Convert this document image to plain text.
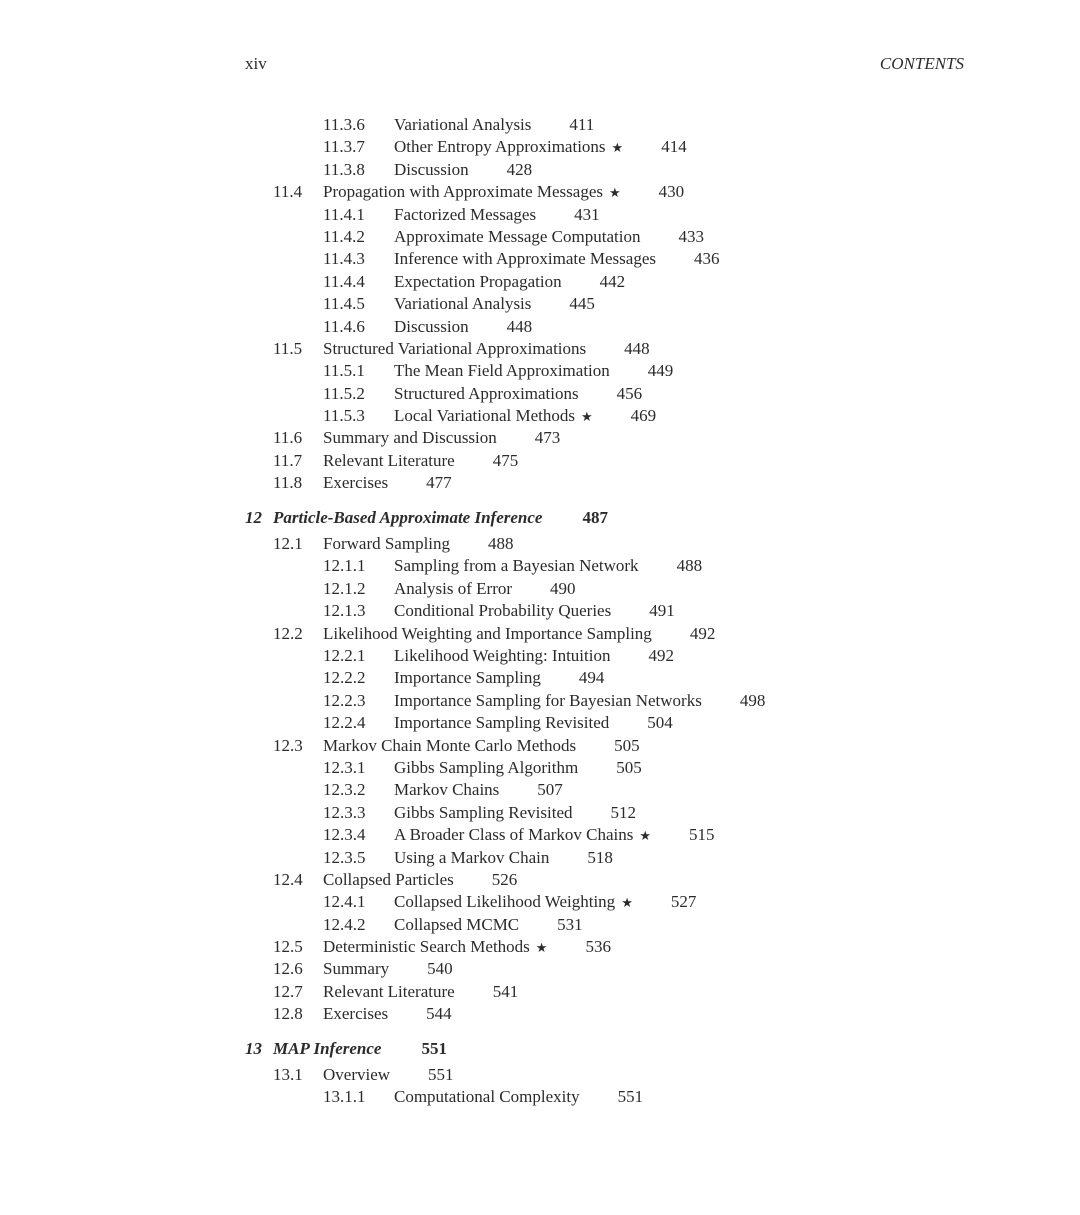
xiv	CONTENTS
11.3.6 Variational Analysis 411
11.3.7 Other Entropy Approximations ★ 414
11.3.8 Discussion 428
11.4 Propagation with Approximate Messages ★ 430
11.4.1 Factorized Messages 431
11.4.2 Approximate Message Computation 433
11.4.3 Inference with Approximate Messages 436
11.4.4 Expectation Propagation 442
11.4.5 Variational Analysis 445
11.4.6 Discussion 448
11.5 Structured Variational Approximations 448
11.5.1 The Mean Field Approximation 449
11.5.2 Structured Approximations 456
11.5.3 Local Variational Methods ★ 469
11.6 Summary and Discussion 473
11.7 Relevant Literature 475
11.8 Exercises 477
12 Particle-Based Approximate Inference 487
12.1 Forward Sampling 488
12.1.1 Sampling from a Bayesian Network 488
12.1.2 Analysis of Error 490
12.1.3 Conditional Probability Queries 491
12.2 Likelihood Weighting and Importance Sampling 492
12.2.1 Likelihood Weighting: Intuition 492
12.2.2 Importance Sampling 494
12.2.3 Importance Sampling for Bayesian Networks 498
12.2.4 Importance Sampling Revisited 504
12.3 Markov Chain Monte Carlo Methods 505
12.3.1 Gibbs Sampling Algorithm 505
12.3.2 Markov Chains 507
12.3.3 Gibbs Sampling Revisited 512
12.3.4 A Broader Class of Markov Chains ★ 515
12.3.5 Using a Markov Chain 518
12.4 Collapsed Particles 526
12.4.1 Collapsed Likelihood Weighting ★ 527
12.4.2 Collapsed MCMC 531
12.5 Deterministic Search Methods ★ 536
12.6 Summary 540
12.7 Relevant Literature 541
12.8 Exercises 544
13 MAP Inference 551
13.1 Overview 551
13.1.1 Computational Complexity 551
